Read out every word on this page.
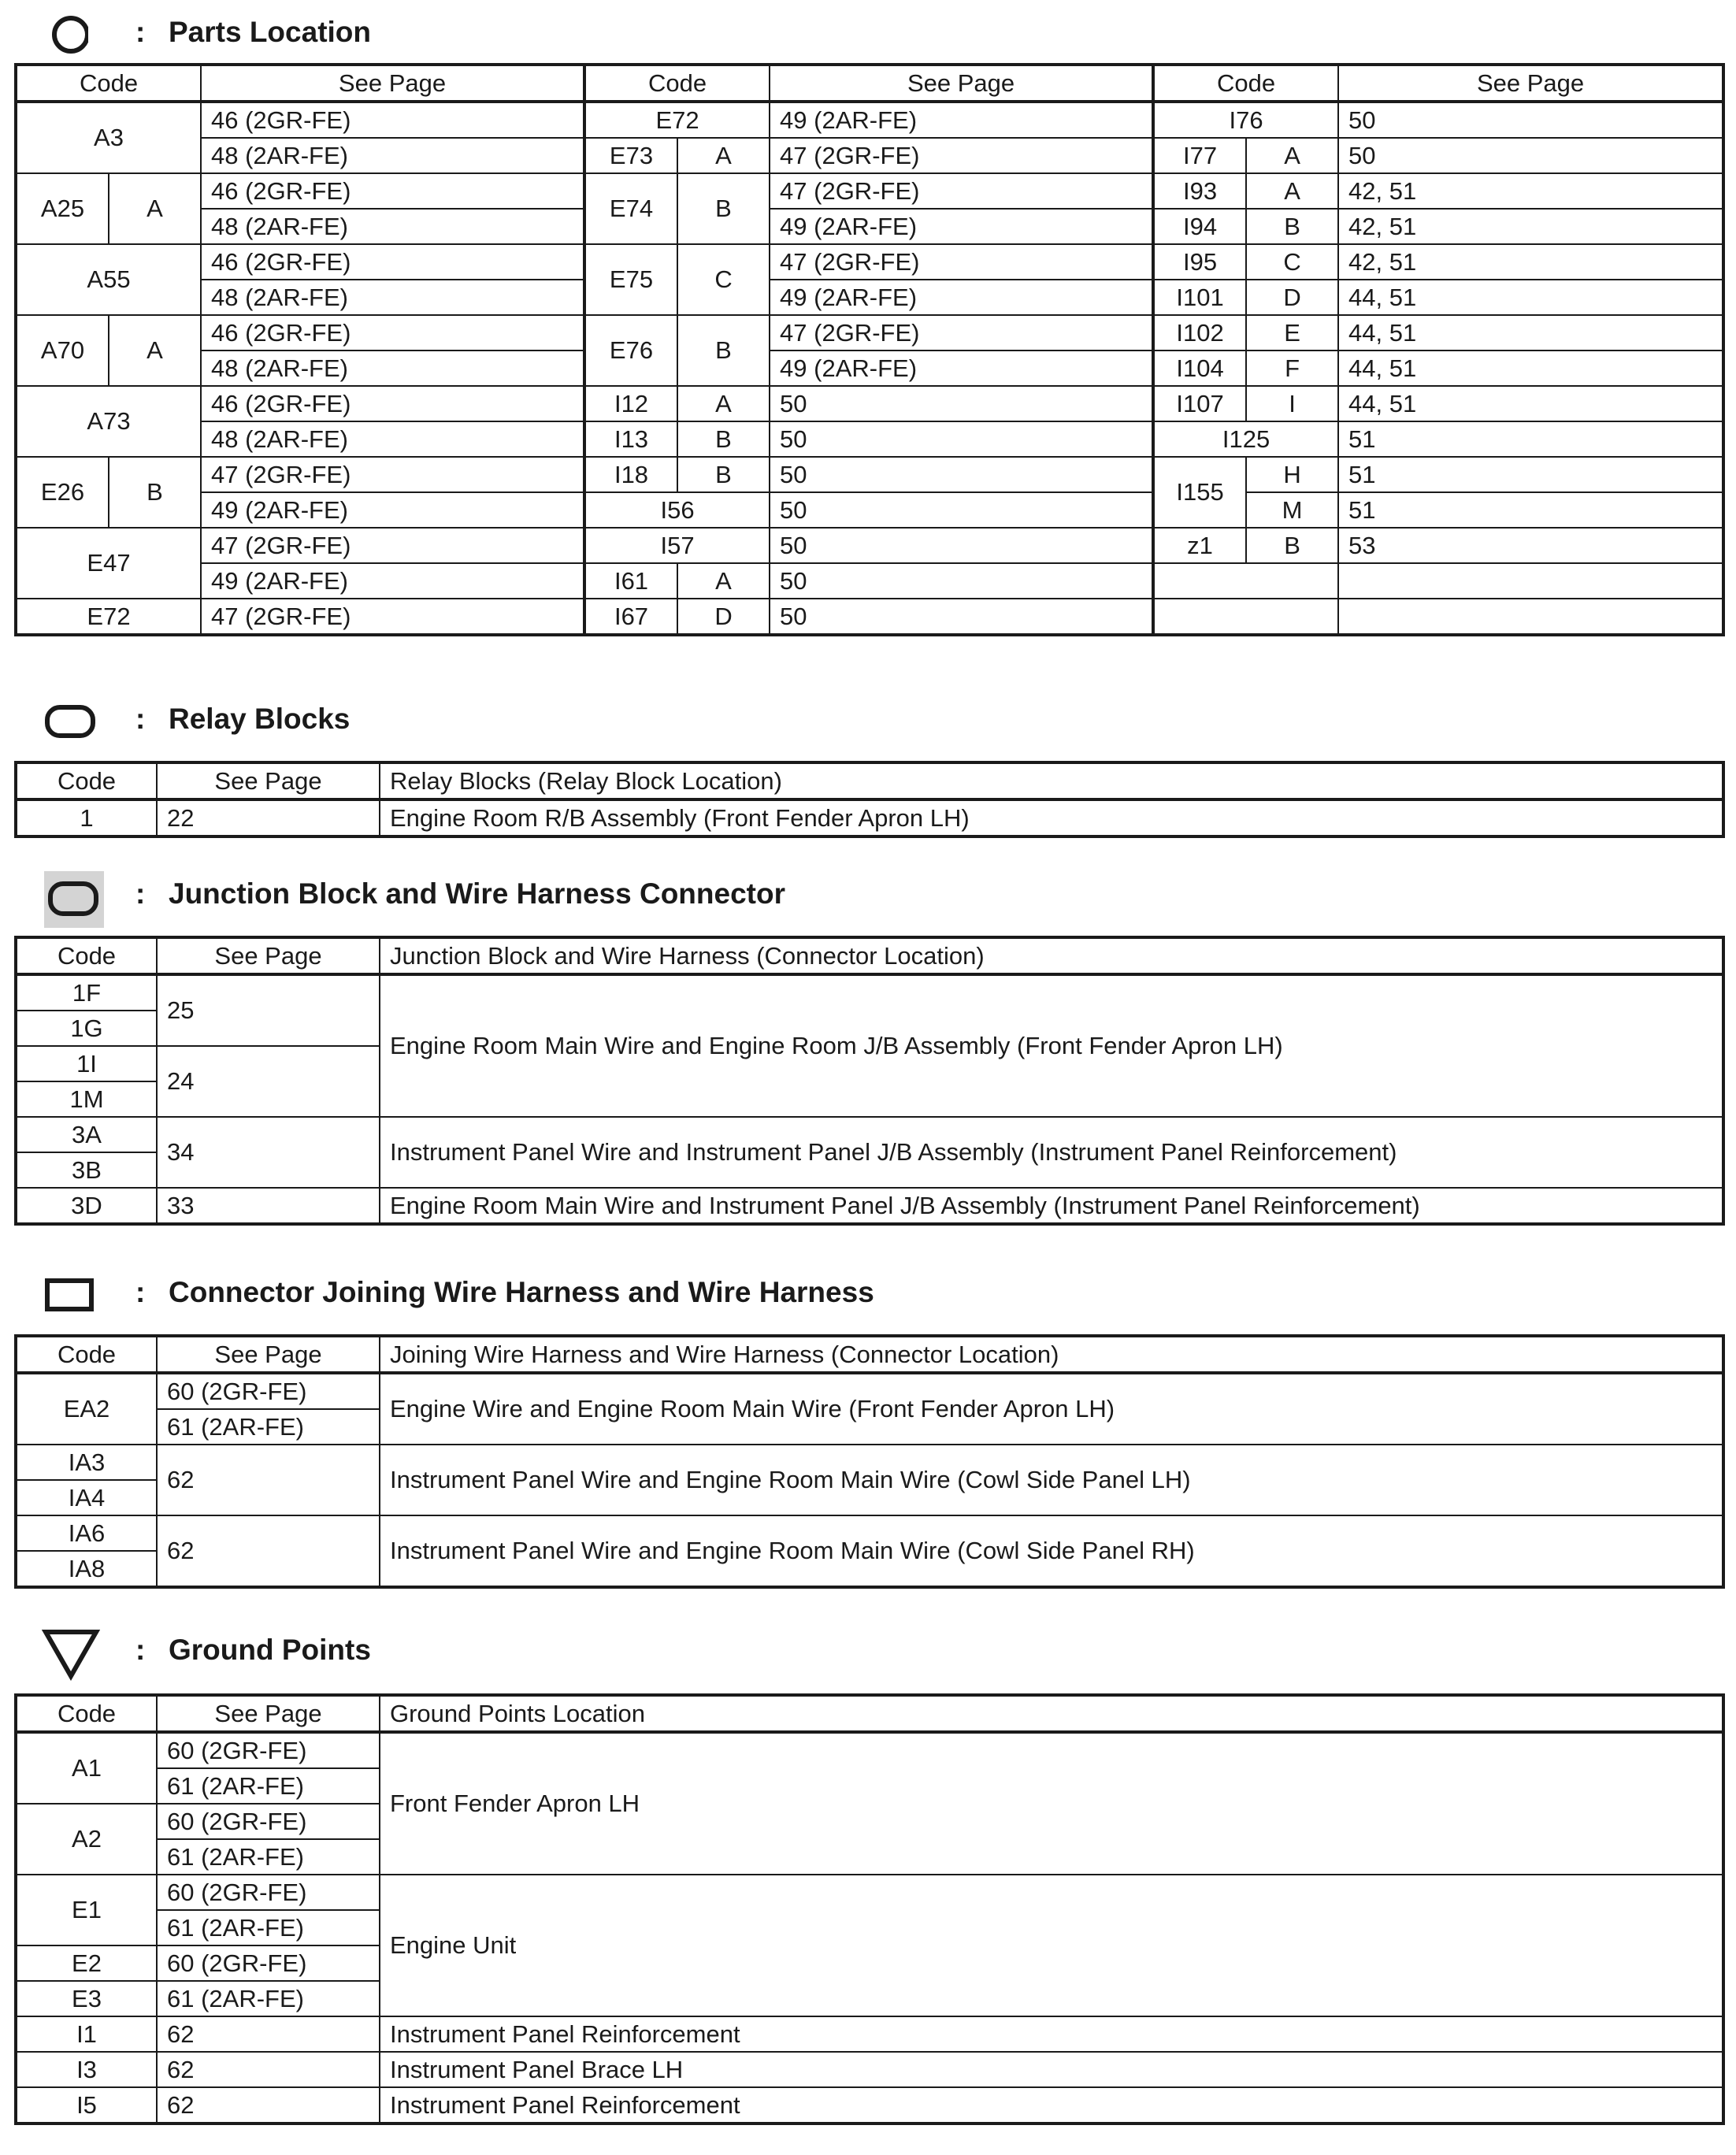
: Parts Location
Code		See Page	Code		See Page	Code		See Page
A3		46 (2GR-FE)	E72		49 (2AR-FE)	I76		50
		48 (2AR-FE)	E73	A	47 (2GR-FE)	I77	A	50
A25	A	46 (2GR-FE)	E74	B	47 (2GR-FE)	I93	A	42, 51
		48 (2AR-FE)			49 (2AR-FE)	I94	B	42, 51
A55		46 (2GR-FE)	E75	C	47 (2GR-FE)	I95	C	42, 51
		48 (2AR-FE)			49 (2AR-FE)	I101	D	44, 51
A70	A	46 (2GR-FE)	E76	B	47 (2GR-FE)	I102	E	44, 51
		48 (2AR-FE)			49 (2AR-FE)	I104	F	44, 51
A73		46 (2GR-FE)	I12	A	50	I107	I	44, 51
		48 (2AR-FE)	I13	B	50	I125		51
E26	B	47 (2GR-FE)	I18	B	50	I155	H	51
		49 (2AR-FE)	I56		50		M	51
E47		47 (2GR-FE)	I57		50	z1	B	53
		49 (2AR-FE)	I61	A	50			
E72		47 (2GR-FE)	I67	D	50			
: Relay Blocks
Code	See Page	Relay Blocks (Relay Block Location)
1	22	Engine Room R/B Assembly (Front Fender Apron LH)
: Junction Block and Wire Harness Connector
Code	See Page	Junction Block and Wire Harness (Connector Location)
1F	25	Engine Room Main Wire and Engine Room J/B Assembly (Front Fender Apron LH)
1G		
1I	24	
1M		
3A	34	Instrument Panel Wire and Instrument Panel J/B Assembly (Instrument Panel Reinforcement)
3B		
3D	33	Engine Room Main Wire and Instrument Panel J/B Assembly (Instrument Panel Reinforcement)
: Connector Joining Wire Harness and Wire Harness
Code	See Page	Joining Wire Harness and Wire Harness (Connector Location)
EA2	60 (2GR-FE)	Engine Wire and Engine Room Main Wire (Front Fender Apron LH)
	61 (2AR-FE)	
IA3	62	Instrument Panel Wire and Engine Room Main Wire (Cowl Side Panel LH)
IA4		
IA6	62	Instrument Panel Wire and Engine Room Main Wire (Cowl Side Panel RH)
IA8		
: Ground Points
Code	See Page	Ground Points Location
A1	60 (2GR-FE)	Front Fender Apron LH
	61 (2AR-FE)	
A2	60 (2GR-FE)	
	61 (2AR-FE)	
E1	60 (2GR-FE)	Engine Unit
	61 (2AR-FE)	
E2	60 (2GR-FE)	
E3	61 (2AR-FE)	
I1	62	Instrument Panel Reinforcement
I3	62	Instrument Panel Brace LH
I5	62	Instrument Panel Reinforcement
